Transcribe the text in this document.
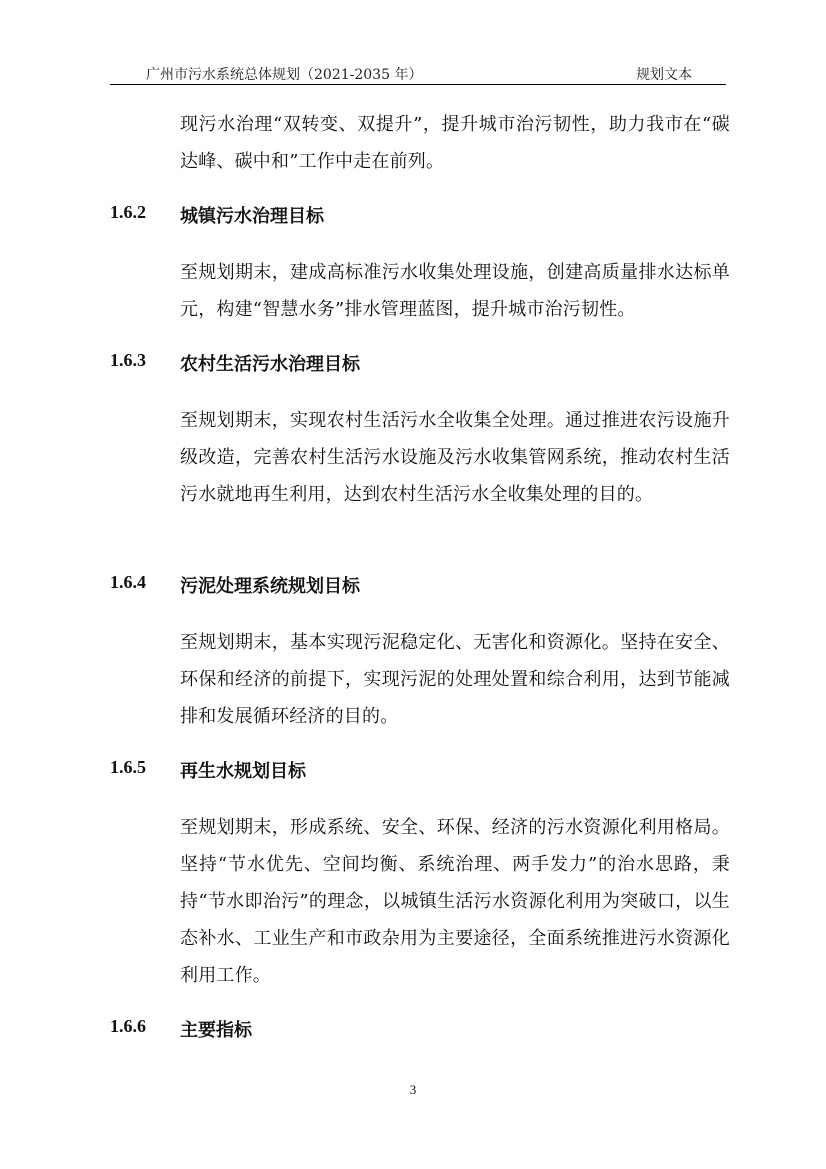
广州市污水系统总体规划（2021-2035 年）	规划文本
现污水治理“双转变、双提升”，提升城市治污韧性，助力我市在“碳达峰、碳中和”工作中走在前列。
1.6.2 城镇污水治理目标
至规划期末，建成高标准污水收集处理设施，创建高质量排水达标单元，构建“智慧水务”排水管理蓝图，提升城市治污韧性。
1.6.3 农村生活污水治理目标
至规划期末，实现农村生活污水全收集全处理。通过推进农污设施升级改造，完善农村生活污水设施及污水收集管网系统，推动农村生活污水就地再生利用，达到农村生活污水全收集处理的目的。
1.6.4 污泥处理系统规划目标
至规划期末，基本实现污泥稳定化、无害化和资源化。坚持在安全、环保和经济的前提下，实现污泥的处理处置和综合利用，达到节能减排和发展循环经济的目的。
1.6.5 再生水规划目标
至规划期末，形成系统、安全、环保、经济的污水资源化利用格局。坚持“节水优先、空间均衡、系统治理、两手发力”的治水思路，秉持“节水即治污”的理念，以城镇生活污水资源化利用为突破口，以生态补水、工业生产和市政杂用为主要途径，全面系统推进污水资源化利用工作。
1.6.6 主要指标
3
